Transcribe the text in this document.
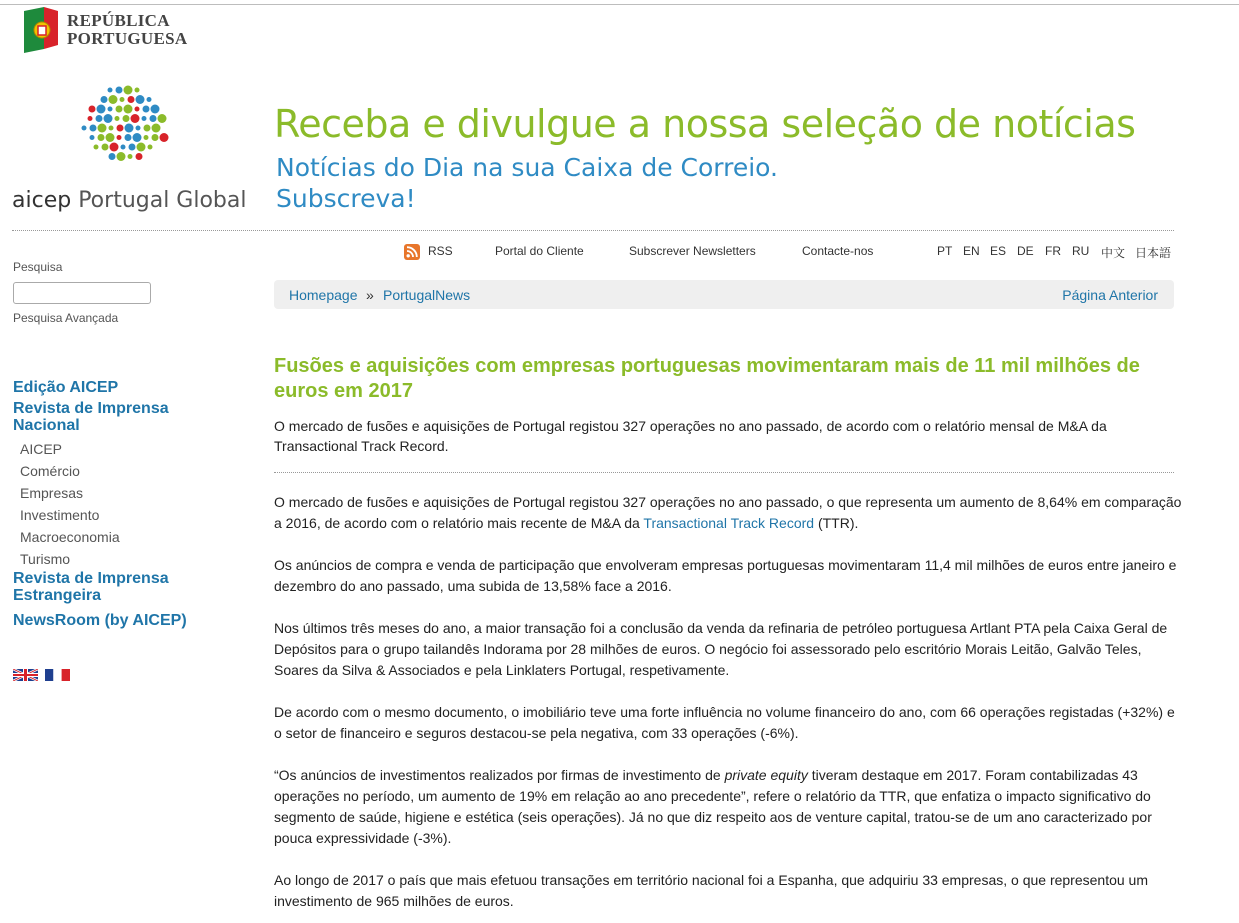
REPÚBLICA
PORTUGUESA
aicep Portugal Global
Receba e divulgue a nossa seleção de notícias
Notícias do Dia na sua Caixa de Correio.
Subscreva!
Pesquisa
Pesquisa Avançada
Edição AICEP
Revista de Imprensa Nacional
AICEP
Comércio
Empresas
Investimento
Macroeconomia
Turismo
Revista de Imprensa Estrangeira
NewsRoom (by AICEP)

RSS	Portal do Cliente	Subscrever Newsletters	Contacte-nos	PT EN ES DE FR RU 中文 日本語
Homepage » PortugalNews	Página Anterior
Fusões e aquisições com empresas portuguesas movimentaram mais de 11 mil milhões de euros em 2017

O mercado de fusões e aquisições de Portugal registou 327 operações no ano passado, de acordo com o relatório mensal de M&A da Transactional Track Record.

O mercado de fusões e aquisições de Portugal registou 327 operações no ano passado, o que representa um aumento de 8,64% em comparação a 2016, de acordo com o relatório mais recente de M&A da Transactional Track Record (TTR).

Os anúncios de compra e venda de participação que envolveram empresas portuguesas movimentaram 11,4 mil milhões de euros entre janeiro e dezembro do ano passado, uma subida de 13,58% face a 2016.

Nos últimos três meses do ano, a maior transação foi a conclusão da venda da refinaria de petróleo portuguesa Artlant PTA pela Caixa Geral de Depósitos para o grupo tailandês Indorama por 28 milhões de euros. O negócio foi assessorado pelo escritório Morais Leitão, Galvão Teles, Soares da Silva & Associados e pela Linklaters Portugal, respetivamente.

De acordo com o mesmo documento, o imobiliário teve uma forte influência no volume financeiro do ano, com 66 operações registadas (+32%) e o setor de financeiro e seguros destacou-se pela negativa, com 33 operações (-6%).

“Os anúncios de investimentos realizados por firmas de investimento de private equity tiveram destaque em 2017. Foram contabilizadas 43 operações no período, um aumento de 19% em relação ao ano precedente”, refere o relatório da TTR, que enfatiza o impacto significativo do segmento de saúde, higiene e estética (seis operações). Já no que diz respeito aos de venture capital, tratou-se de um ano caracterizado por pouca expressividade (-3%).

Ao longo de 2017 o país que mais efetuou transações em território nacional foi a Espanha, que adquiriu 33 empresas, o que representou um investimento de 965 milhões de euros.
